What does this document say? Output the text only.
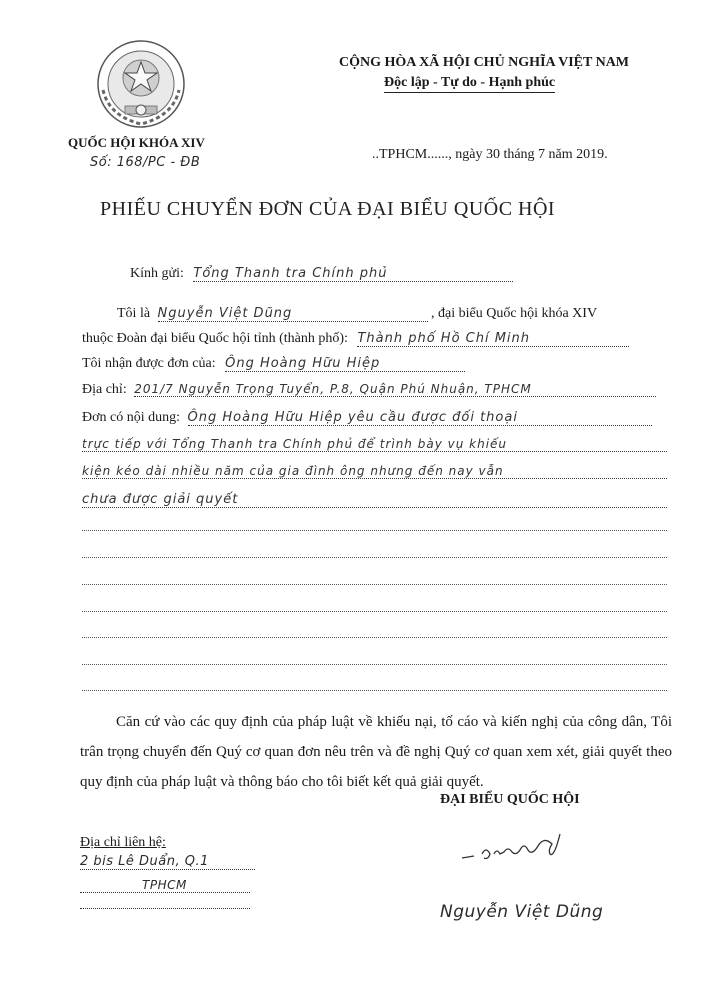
QUỐC HỘI KHÓA XIV
Số: 168/PC - ĐB
CỘNG HÒA XÃ HỘI CHỦ NGHĨA VIỆT NAM
Độc lập - Tự do - Hạnh phúc
..TPHCM......, ngày 30 tháng 7 năm 2019.
PHIẾU CHUYỂN ĐƠN CỦA ĐẠI BIỂU QUỐC HỘI
Kính gửi: Tổng Thanh tra Chính phủ
Tôi là Nguyễn Việt Dũng	, đại biểu Quốc hội khóa XIV
thuộc Đoàn đại biểu Quốc hội tỉnh (thành phố): Thành phố Hồ Chí Minh
Tôi nhận được đơn của: Ông Hoàng Hữu Hiệp
Địa chỉ: 201/7 Nguyễn Trọng Tuyển, P.8, Quận Phú Nhuận, TPHCM
Đơn có nội dung: Ông Hoàng Hữu Hiệp yêu cầu được đối thoại
trực tiếp với Tổng Thanh tra Chính phủ để trình bày vụ khiếu
kiện kéo dài nhiều năm của gia đình ông nhưng đến nay vẫn
chưa được giải quyết
Căn cứ vào các quy định của pháp luật về khiếu nại, tố cáo và kiến nghị của công dân, Tôi trân trọng chuyển đến Quý cơ quan đơn nêu trên và đề nghị Quý cơ quan xem xét, giải quyết theo quy định của pháp luật và thông báo cho tôi biết kết quả giải quyết.
ĐẠI BIỂU QUỐC HỘI
Nguyễn Việt Dũng
Địa chỉ liên hệ:
2 bis Lê Duẩn, Q.1
TPHCM
